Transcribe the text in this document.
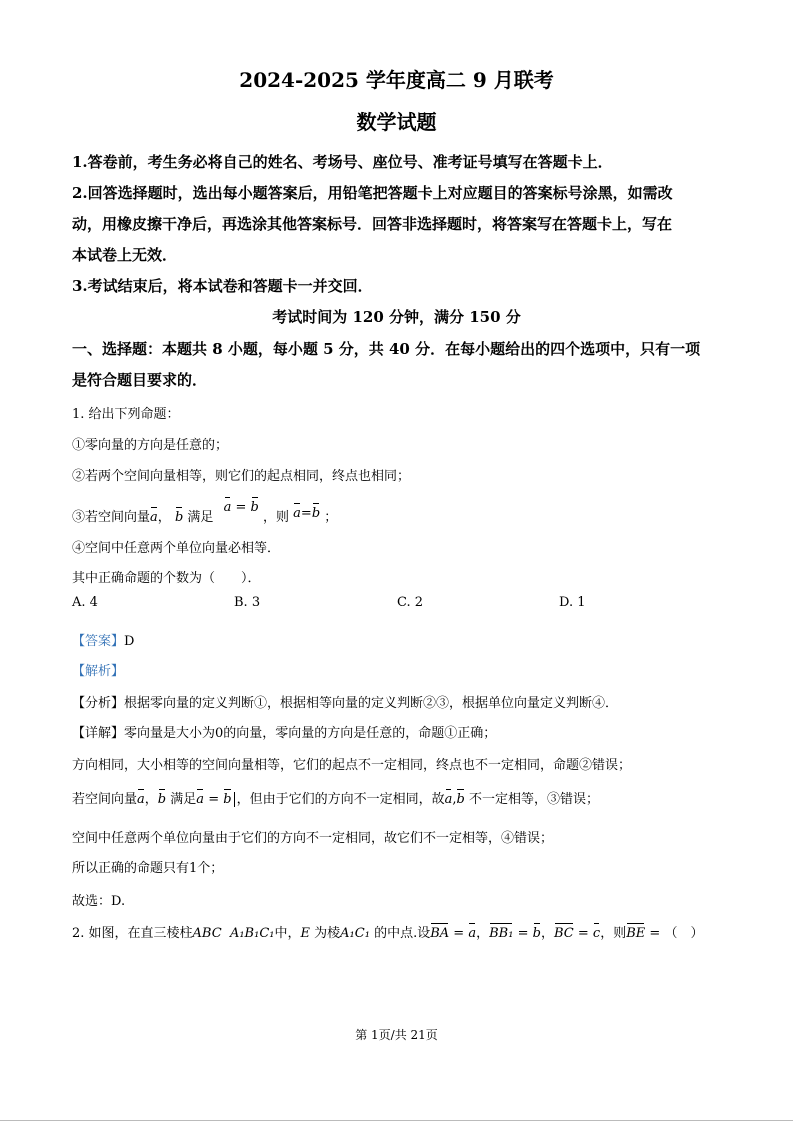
2024-2025 学年度高二 9 月联考
数学试题
1.答卷前，考生务必将自己的姓名、考场号、座位号、准考证号填写在答题卡上．
2.回答选择题时，选出每小题答案后，用铅笔把答题卡上对应题目的答案标号涂黑，如需改
动，用橡皮擦干净后，再选涂其他答案标号．回答非选择题时，将答案写在答题卡上，写在
本试卷上无效．
3.考试结束后，将本试卷和答题卡一并交回．
考试时间为 120 分钟，满分 150 分
一、选择题：本题共 8 小题，每小题 5 分，共 40 分．在每小题给出的四个选项中，只有一项
是符合题目要求的．
1. 给出下列命题：
①零向量的方向是任意的；
②若两个空间向量相等，则它们的起点相同，终点也相同；
③若空间向量a， b 满足 a = b ，则 a=b ；
④空间中任意两个单位向量必相等．
其中正确命题的个数为（　　）．
A. 4	B. 3	C. 2	D. 1
【答案】D
【解析】
【分析】根据零向量的定义判断①，根据相等向量的定义判断②③，根据单位向量定义判断④．
【详解】零向量是大小为0的向量，零向量的方向是任意的，命题①正确；
方向相同，大小相等的空间向量相等，它们的起点不一定相同，终点也不一定相同，命题②错误；
若空间向量a，b 满足a = b ，但由于它们的方向不一定相同，故a,b 不一定相等，③错误；
空间中任意两个单位向量由于它们的方向不一定相同，故它们不一定相等，④错误；
所以正确的命题只有1个；
故选：D.
2. 如图，在直三棱柱ABC A₁B₁C₁中，E 为棱A₁C₁ 的中点.设BA = a，BB₁ = b，BC = c，则BE = （　）
第 1页/共 21页
